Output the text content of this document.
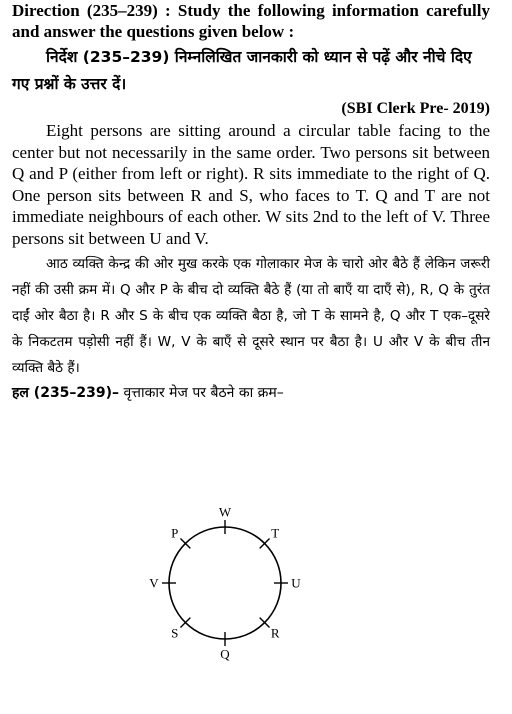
Direction (235–239) : Study the following information carefully and answer the questions given below :

निर्देश (235–239) निम्नलिखित जानकारी को ध्यान से पढ़ें और नीचे दिए गए प्रश्नों के उत्तर दें।

(SBI Clerk Pre- 2019)

Eight persons are sitting around a circular table facing to the center but not necessarily in the same order. Two persons sit between Q and P (either from left or right). R sits immediate to the right of Q. One person sits between R and S, who faces to T. Q and T are not immediate neighbours of each other. W sits 2nd to the left of V. Three persons sit between U and V.

आठ व्यक्ति केन्द्र की ओर मुख करके एक गोलाकार मेज के चारो ओर बैठे हैं लेकिन जरूरी नहीं की उसी क्रम में। Q और P के बीच दो व्यक्ति बैठे हैं (या तो बाएँ या दाएँ से), R, Q के तुरंत दाईं ओर बैठा है। R और S के बीच एक व्यक्ति बैठा है, जो T के सामने है, Q और T एक–दूसरे के निकटतम पड़ोसी नहीं हैं। W, V के बाएँ से दूसरे स्थान पर बैठा है। U और V के बीच तीन व्यक्ति बैठे हैं।

हल (235–239)– वृत्ताकार मेज पर बैठने का क्रम–

W
T
U
R
Q
S
V
P
